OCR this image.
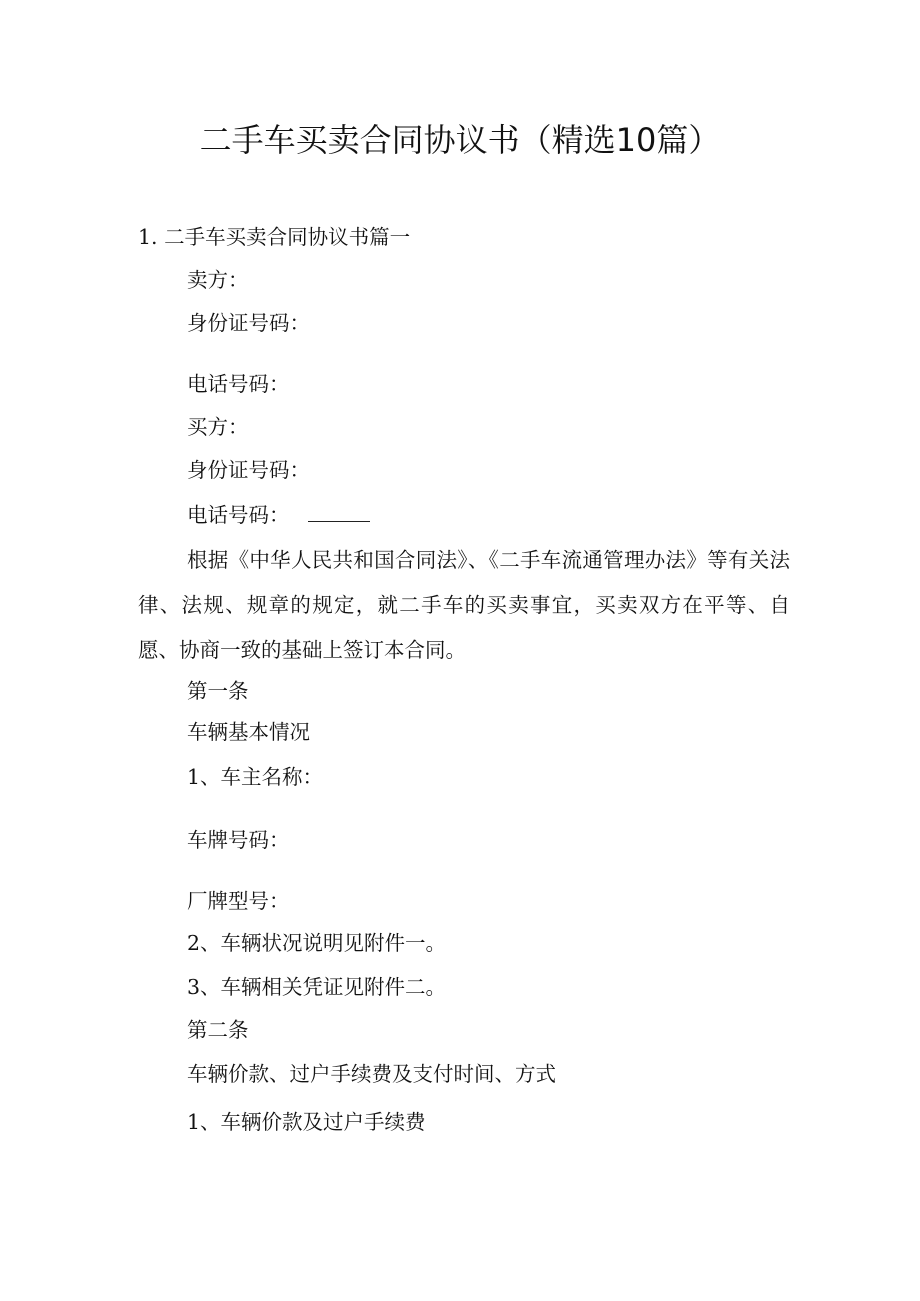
二手车买卖合同协议书（精选10篇）

1. 二手车买卖合同协议书篇一

卖方：

身份证号码：

电话号码：

买方：

身份证号码：

电话号码：

根据《中华人民共和国合同法》、《二手车流通管理办法》等有关法律、法规、规章的规定，就二手车的买卖事宜，买卖双方在平等、自愿、协商一致的基础上签订本合同。

第一条

车辆基本情况

1、车主名称：

车牌号码：

厂牌型号：

2、车辆状况说明见附件一。

3、车辆相关凭证见附件二。

第二条

车辆价款、过户手续费及支付时间、方式

1、车辆价款及过户手续费
